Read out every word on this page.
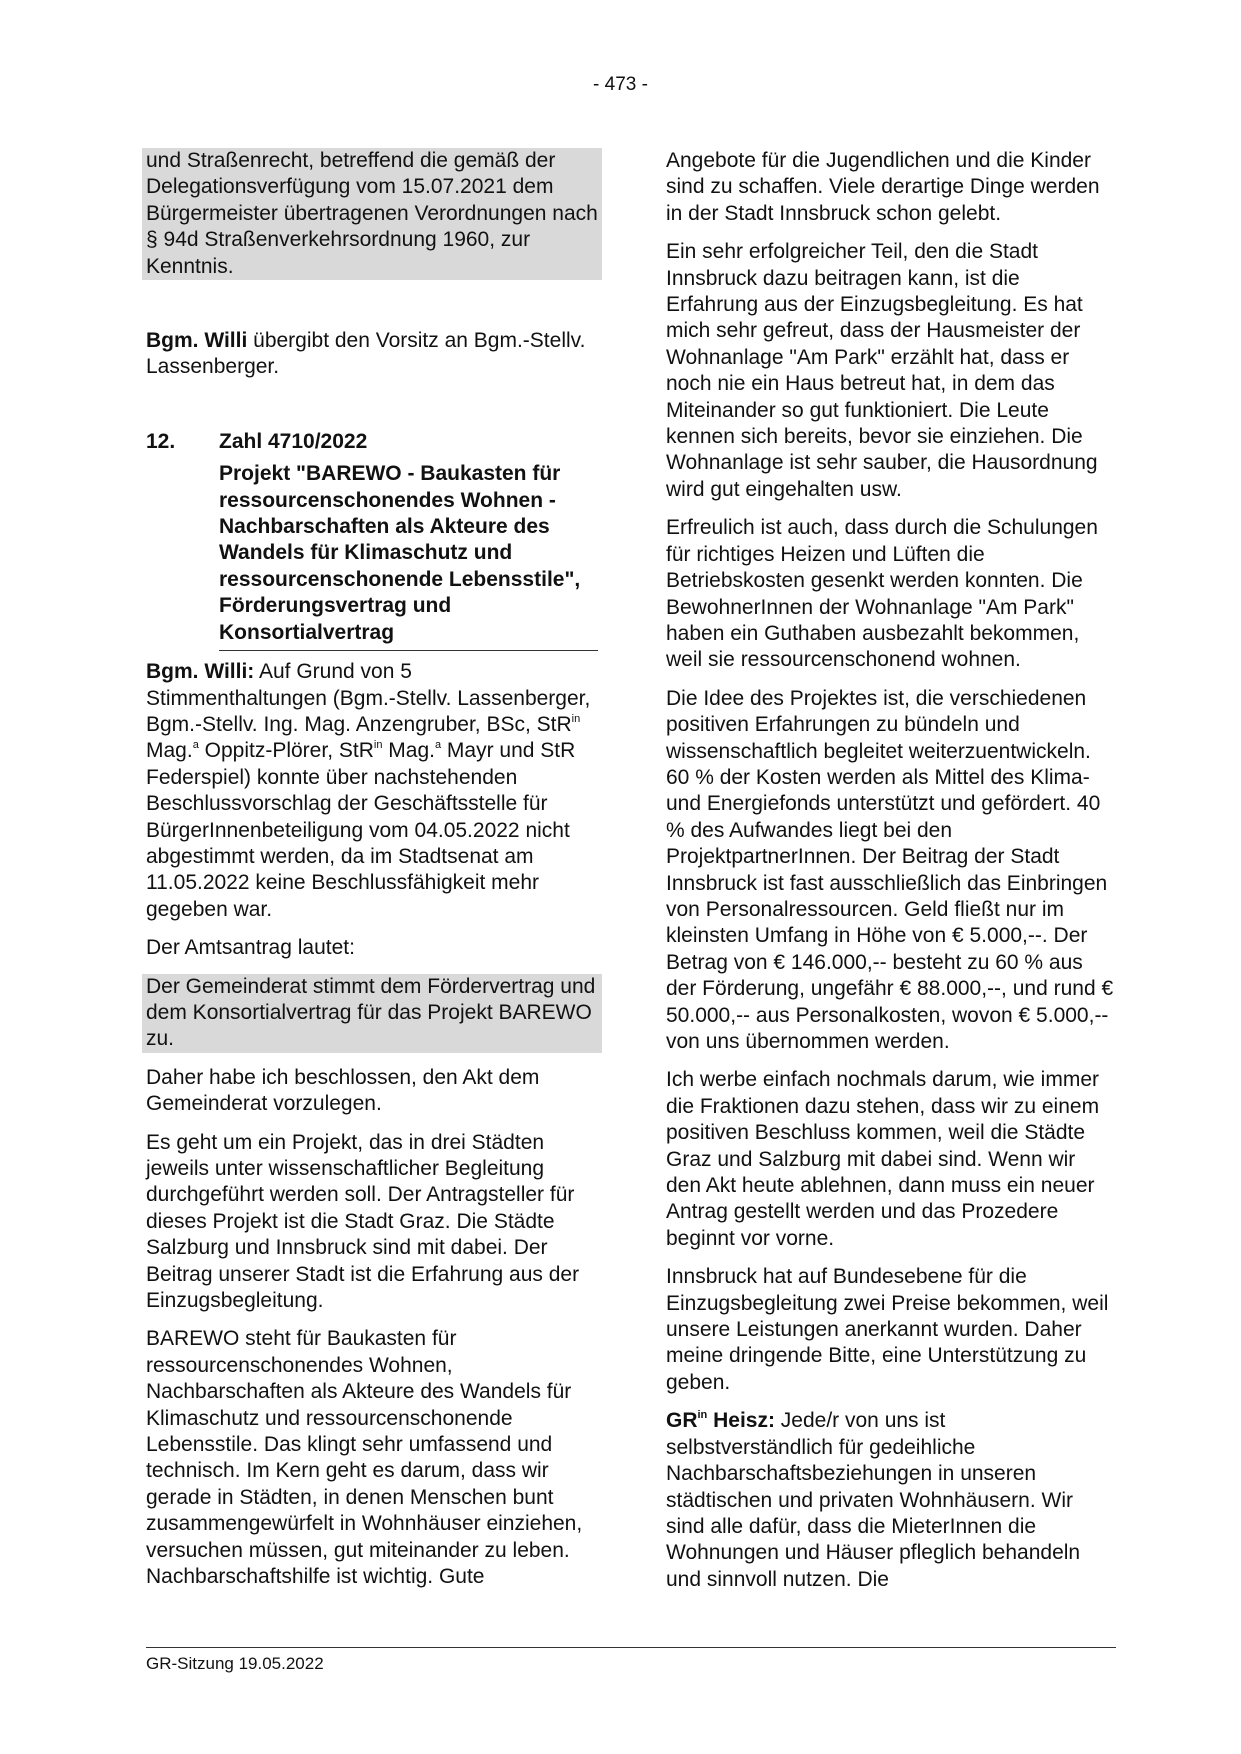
- 473 -

und Straßenrecht, betreffend die gemäß der Delegationsverfügung vom 15.07.2021 dem Bürgermeister übertragenen Verordnungen nach § 94d Straßenverkehrsordnung 1960, zur Kenntnis.

Bgm. Willi übergibt den Vorsitz an Bgm.-Stellv. Lassenberger.

12.	Zahl 4710/2022
Projekt "BAREWO - Baukasten für ressourcenschonendes Wohnen - Nachbarschaften als Akteure des Wandels für Klimaschutz und ressourcenschonende Lebensstile", Förderungsvertrag und Konsortialvertrag

Bgm. Willi: Auf Grund von 5 Stimmenthaltungen (Bgm.-Stellv. Lassenberger, Bgm.-Stellv. Ing. Mag. Anzengruber, BSc, StR$^{in}$ Mag.$^a$ Oppitz-Plörer, StR$^{in}$ Mag.$^a$ Mayr und StR Federspiel) konnte über nachstehenden Beschlussvorschlag der Geschäftsstelle für BürgerInnenbeteiligung vom 04.05.2022 nicht abgestimmt werden, da im Stadtsenat am 11.05.2022 keine Beschlussfähigkeit mehr gegeben war.

Der Amtsantrag lautet:

Der Gemeinderat stimmt dem Fördervertrag und dem Konsortialvertrag für das Projekt BAREWO zu.

Daher habe ich beschlossen, den Akt dem Gemeinderat vorzulegen.

Es geht um ein Projekt, das in drei Städten jeweils unter wissenschaftlicher Begleitung durchgeführt werden soll. Der Antragsteller für dieses Projekt ist die Stadt Graz. Die Städte Salzburg und Innsbruck sind mit dabei. Der Beitrag unserer Stadt ist die Erfahrung aus der Einzugsbegleitung.

BAREWO steht für Baukasten für ressourcenschonendes Wohnen, Nachbarschaften als Akteure des Wandels für Klimaschutz und ressourcenschonende Lebensstile. Das klingt sehr umfassend und technisch. Im Kern geht es darum, dass wir gerade in Städten, in denen Menschen bunt zusammengewürfelt in Wohnhäuser einziehen, versuchen müssen, gut miteinander zu leben. Nachbarschaftshilfe ist wichtig. Gute

Angebote für die Jugendlichen und die Kinder sind zu schaffen. Viele derartige Dinge werden in der Stadt Innsbruck schon gelebt.

Ein sehr erfolgreicher Teil, den die Stadt Innsbruck dazu beitragen kann, ist die Erfahrung aus der Einzugsbegleitung. Es hat mich sehr gefreut, dass der Hausmeister der Wohnanlage "Am Park" erzählt hat, dass er noch nie ein Haus betreut hat, in dem das Miteinander so gut funktioniert. Die Leute kennen sich bereits, bevor sie einziehen. Die Wohnanlage ist sehr sauber, die Hausordnung wird gut eingehalten usw.

Erfreulich ist auch, dass durch die Schulungen für richtiges Heizen und Lüften die Betriebskosten gesenkt werden konnten. Die BewohnerInnen der Wohnanlage "Am Park" haben ein Guthaben ausbezahlt bekommen, weil sie ressourcenschonend wohnen.

Die Idee des Projektes ist, die verschiedenen positiven Erfahrungen zu bündeln und wissenschaftlich begleitet weiterzuentwickeln. 60 % der Kosten werden als Mittel des Klima- und Energiefonds unterstützt und gefördert. 40 % des Aufwandes liegt bei den ProjektpartnerInnen. Der Beitrag der Stadt Innsbruck ist fast ausschließlich das Einbringen von Personalressourcen. Geld fließt nur im kleinsten Umfang in Höhe von € 5.000,--. Der Betrag von € 146.000,-- besteht zu 60 % aus der Förderung, ungefähr € 88.000,--, und rund € 50.000,-- aus Personalkosten, wovon € 5.000,-- von uns übernommen werden.

Ich werbe einfach nochmals darum, wie immer die Fraktionen dazu stehen, dass wir zu einem positiven Beschluss kommen, weil die Städte Graz und Salzburg mit dabei sind. Wenn wir den Akt heute ablehnen, dann muss ein neuer Antrag gestellt werden und das Prozedere beginnt vor vorne.

Innsbruck hat auf Bundesebene für die Einzugsbegleitung zwei Preise bekommen, weil unsere Leistungen anerkannt wurden. Daher meine dringende Bitte, eine Unterstützung zu geben.

$GR^{in}$ Heisz: Jede/r von uns ist selbstverständlich für gedeihliche Nachbarschaftsbeziehungen in unseren städtischen und privaten Wohnhäusern. Wir sind alle dafür, dass die MieterInnen die Wohnungen und Häuser pfleglich behandeln und sinnvoll nutzen. Die

GR-Sitzung 19.05.2022
